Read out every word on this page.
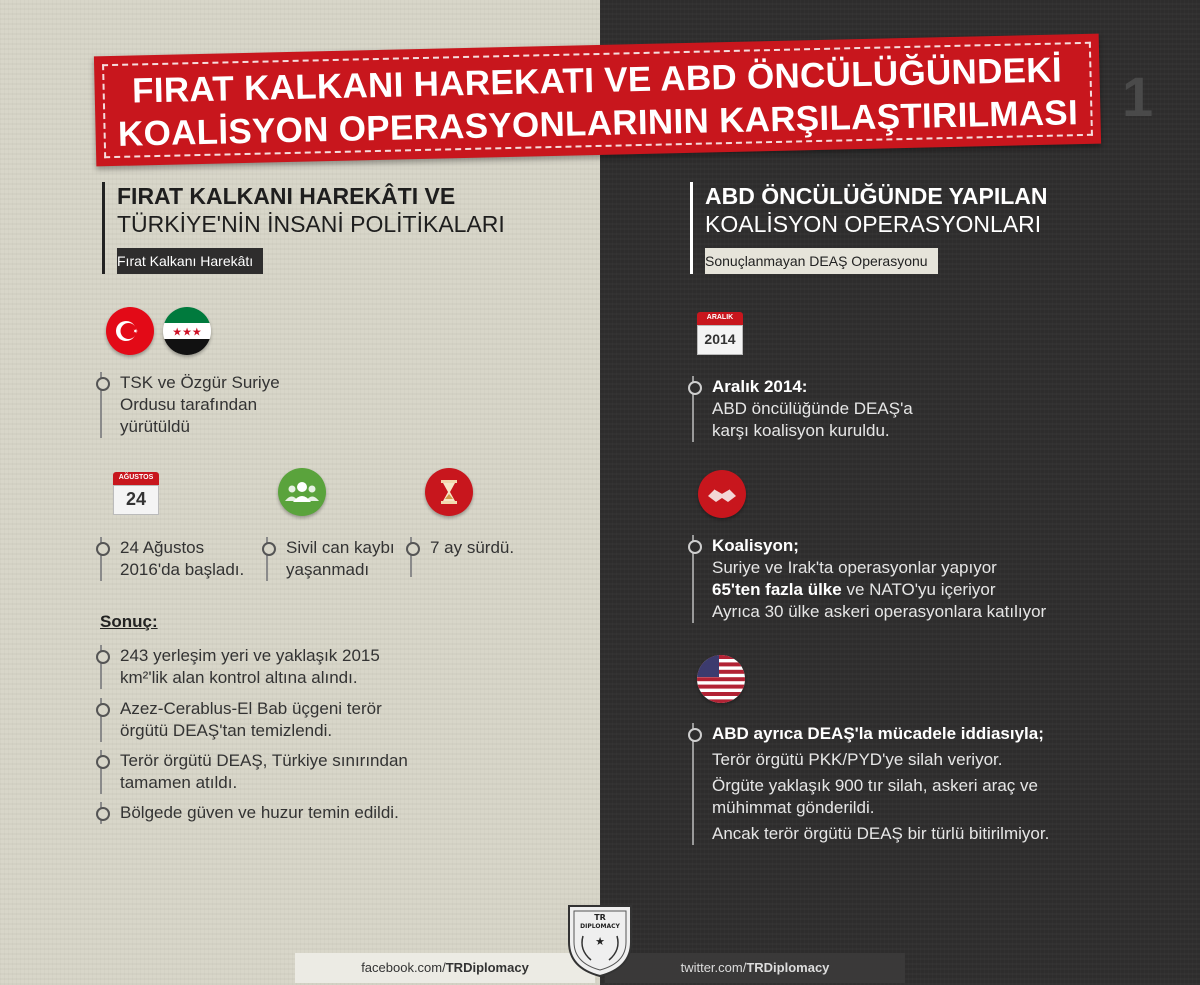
FIRAT KALKANI HAREKATI VE ABD ÖNCÜLÜĞÜNDEKİ
KOALİSYON OPERASYONLARININ KARŞILAŞTIRILMASI 1
FIRAT KALKANI HAREKÂTI VE
TÜRKİYE'NİN İNSANİ POLİTİKALARI
Fırat Kalkanı Harekâtı
★★★
TSK ve Özgür Suriye
Ordusu tarafından
yürütüldü
AĞUSTOS
24
24 Ağustos
2016'da başladı.
Sivil can kaybı
yaşanmadı
7 ay sürdü.
Sonuç:
243 yerleşim yeri ve yaklaşık 2015
km²'lik alan kontrol altına alındı.
Azez-Cerablus-El Bab üçgeni terör
örgütü DEAŞ'tan temizlendi.
Terör örgütü DEAŞ, Türkiye sınırından
tamamen atıldı.
Bölgede güven ve huzur temin edildi.
ABD ÖNCÜLÜĞÜNDE YAPILAN
KOALİSYON OPERASYONLARI
Sonuçlanmayan DEAŞ Operasyonu
ARALIK
2014
Aralık 2014:
ABD öncülüğünde DEAŞ'a
karşı koalisyon kuruldu.
Koalisyon;
Suriye ve Irak'ta operasyonlar yapıyor
65'ten fazla ülke ve NATO'yu içeriyor
Ayrıca 30 ülke askeri operasyonlara katılıyor
ABD ayrıca DEAŞ'la mücadele iddiasıyla;
Terör örgütü PKK/PYD'ye silah veriyor.
Örgüte yaklaşık 900 tır silah, askeri araç ve
mühimmat gönderildi.
Ancak terör örgütü DEAŞ bir türlü bitirilmiyor.
facebook.com/TRDiplomacy	twitter.com/TRDiplomacy
TR
DIPLOMACY
★
